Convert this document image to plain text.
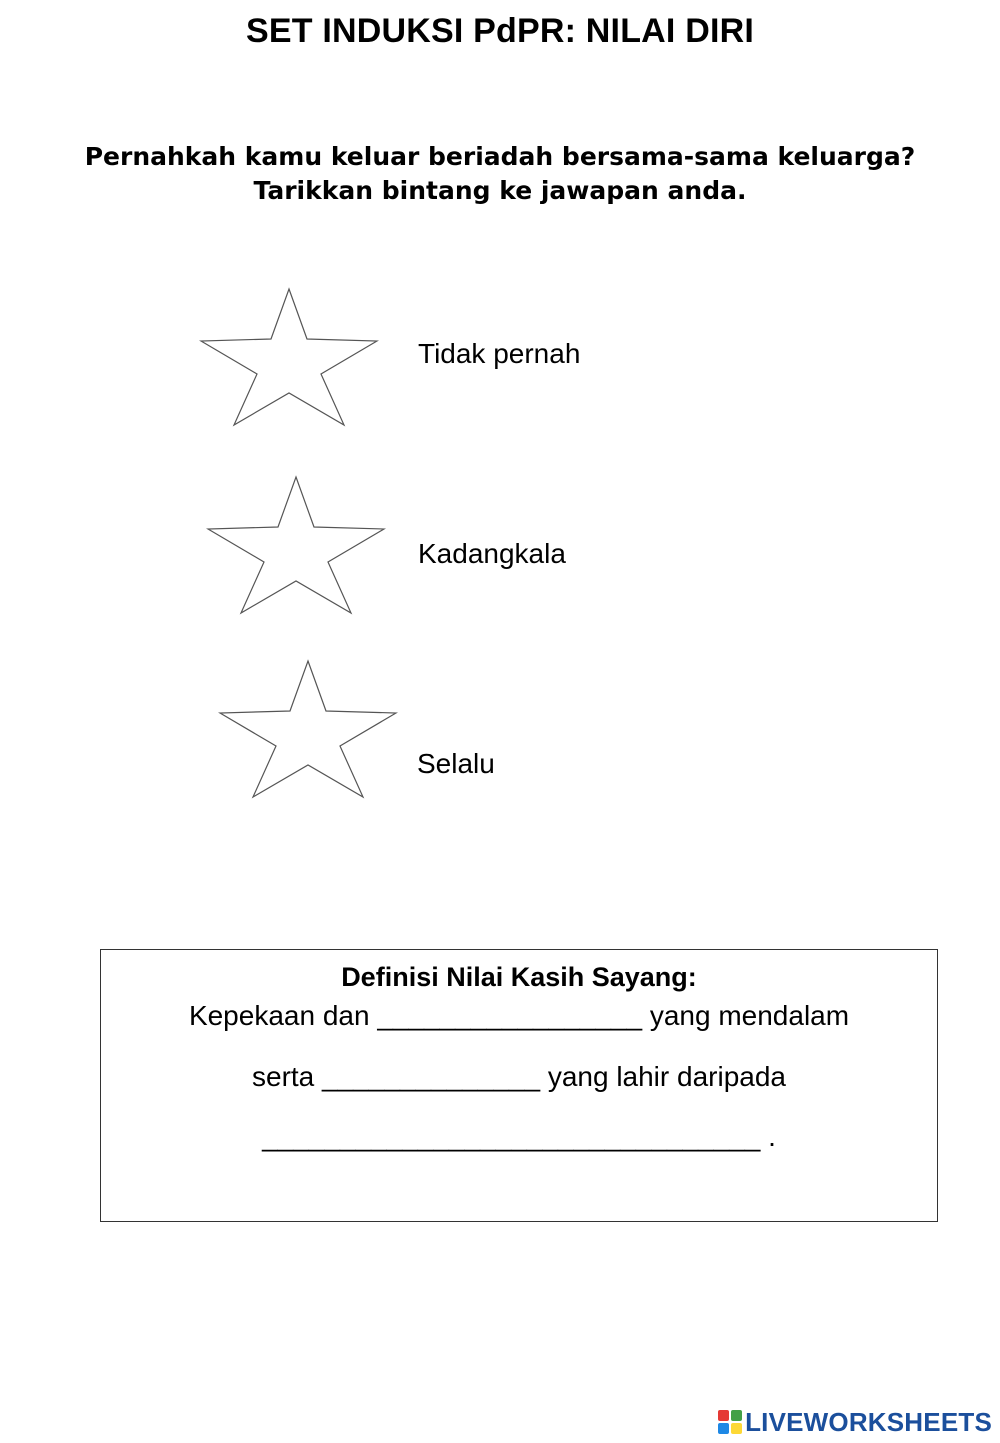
SET INDUKSI PdPR: NILAI DIRI
Pernahkah kamu keluar beriadah bersama-sama keluarga?
Tarikkan bintang ke jawapan anda.
Tidak pernah
Kadangkala
Selalu
Definisi Nilai Kasih Sayang:
Kepekaan dan _________________ yang mendalam
serta ______________ yang lahir daripada
________________________________ .
LIVEWORKSHEETS
